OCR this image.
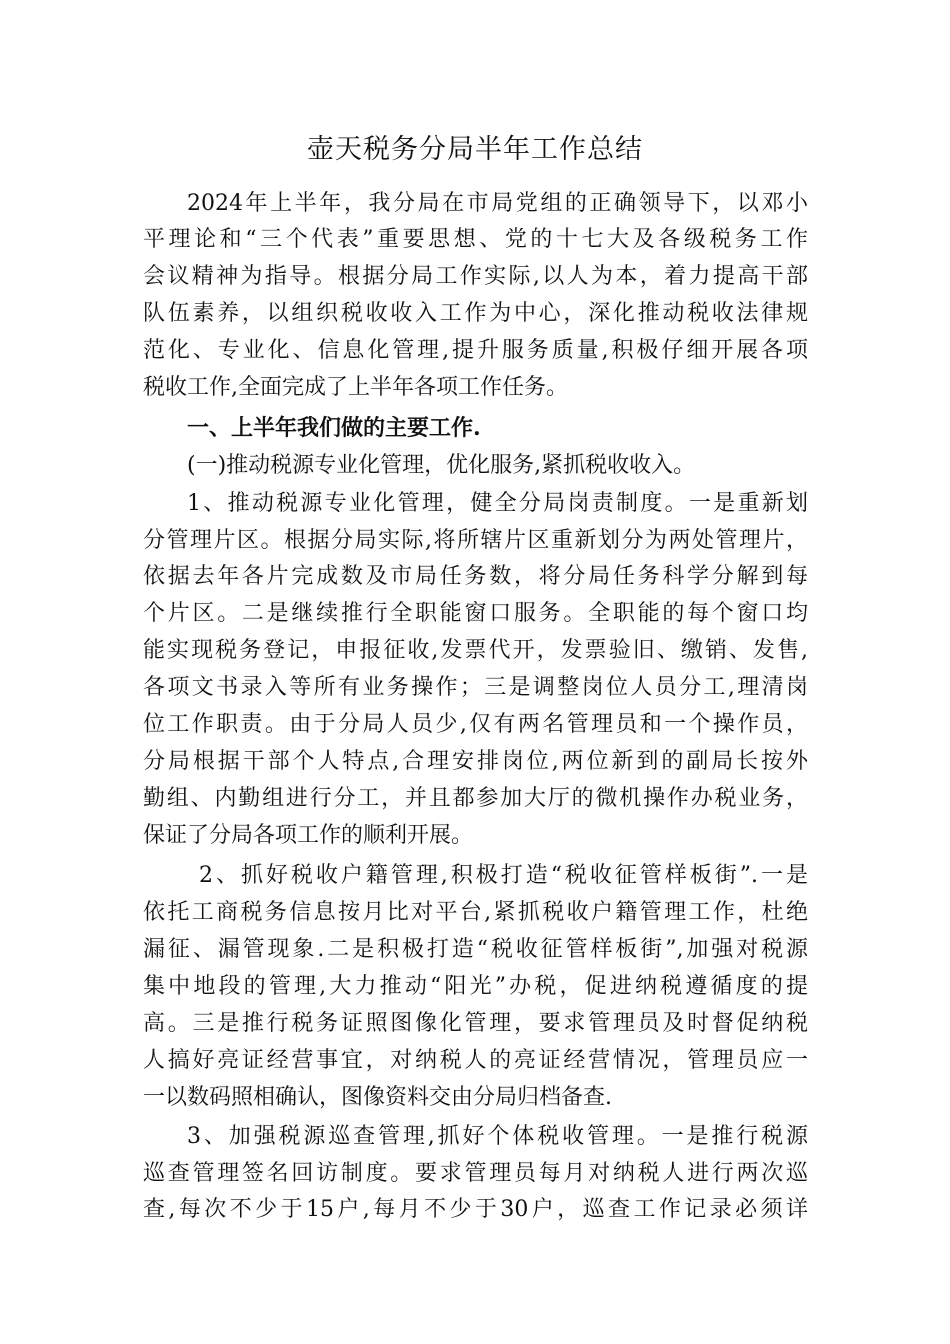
壶天税务分局半年工作总结
2024年上半年，我分局在市局党组的正确领导下，以邓小
平理论和“三个代表”重要思想、党的十七大及各级税务工作
会议精神为指导。根据分局工作实际,以人为本，着力提高干部
队伍素养，以组织税收收入工作为中心，深化推动税收法律规
范化、专业化、信息化管理,提升服务质量,积极仔细开展各项
税收工作,全面完成了上半年各项工作任务。
一、上半年我们做的主要工作.
(一)推动税源专业化管理，优化服务,紧抓税收收入。
1、推动税源专业化管理，健全分局岗责制度。一是重新划
分管理片区。根据分局实际,将所辖片区重新划分为两处管理片，
依据去年各片完成数及市局任务数，将分局任务科学分解到每
个片区。二是继续推行全职能窗口服务。全职能的每个窗口均
能实现税务登记，申报征收,发票代开，发票验旧、缴销、发售,
各项文书录入等所有业务操作；三是调整岗位人员分工,理清岗
位工作职责。由于分局人员少,仅有两名管理员和一个操作员，
分局根据干部个人特点,合理安排岗位,两位新到的副局长按外
勤组、内勤组进行分工，并且都参加大厅的微机操作办税业务，
保证了分局各项工作的顺利开展。
2、抓好税收户籍管理,积极打造“税收征管样板街”.一是
依托工商税务信息按月比对平台,紧抓税收户籍管理工作，杜绝
漏征、漏管现象.二是积极打造“税收征管样板街”,加强对税源
集中地段的管理,大力推动“阳光”办税，促进纳税遵循度的提
高。三是推行税务证照图像化管理，要求管理员及时督促纳税
人搞好亮证经营事宜，对纳税人的亮证经营情况，管理员应一
一以数码照相确认，图像资料交由分局归档备查.
3、加强税源巡查管理,抓好个体税收管理。一是推行税源
巡查管理签名回访制度。要求管理员每月对纳税人进行两次巡
查,每次不少于15户,每月不少于30户，巡查工作记录必须详
